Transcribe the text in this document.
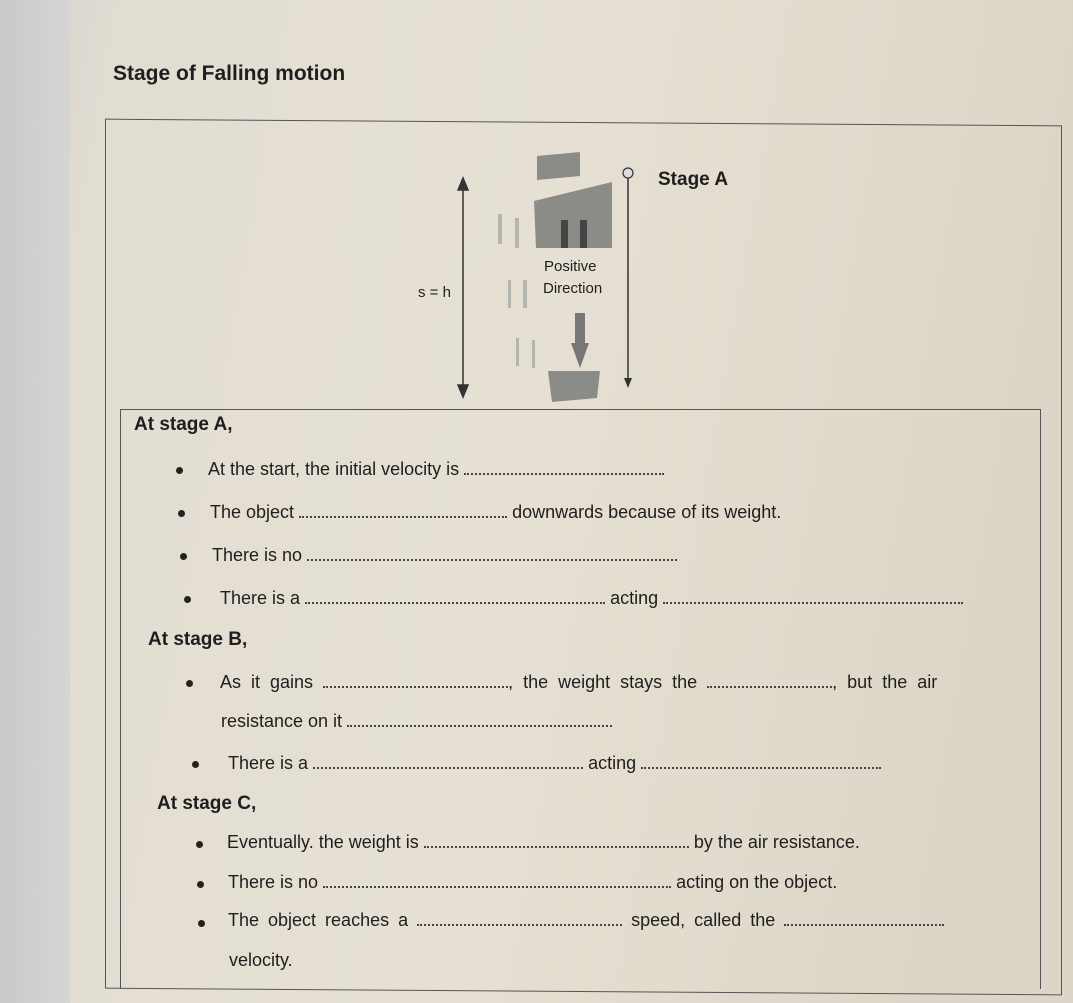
Stage of Falling motion
Stage A
s = h
Positive
Direction
At stage A,
At the start, the initial velocity is
The object	downwards because of its weight.
There is no
There is a	acting
At stage B,
As it gains	, the weight stays the	, but the air
resistance on it
There is a	acting
At stage C,
Eventually. the weight is	by the air resistance.
There is no	acting on the object.
The object reaches a	speed, called the
velocity.
